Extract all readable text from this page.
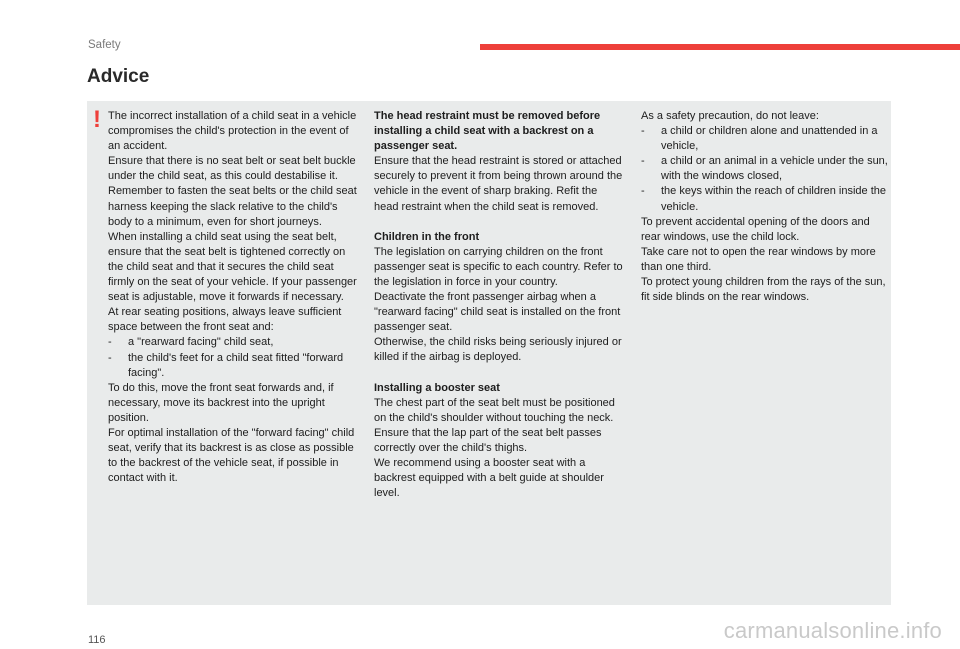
Safety
Advice
! The incorrect installation of a child seat in a vehicle compromises the child's protection in the event of an accident.

Ensure that there is no seat belt or seat belt buckle under the child seat, as this could destabilise it.

Remember to fasten the seat belts or the child seat harness keeping the slack relative to the child's body to a minimum, even for short journeys.

When installing a child seat using the seat belt, ensure that the seat belt is tightened correctly on the child seat and that it secures the child seat firmly on the seat of your vehicle. If your passenger seat is adjustable, move it forwards if necessary.

At rear seating positions, always leave sufficient space between the front seat and:

- a "rearward facing" child seat,
- the child's feet for a child seat fitted "forward facing".

To do this, move the front seat forwards and, if necessary, move its backrest into the upright position.

For optimal installation of the "forward facing" child seat, verify that its backrest is as close as possible to the backrest of the vehicle seat, if possible in contact with it.

The head restraint must be removed before installing a child seat with a backrest on a passenger seat.

Ensure that the head restraint is stored or attached securely to prevent it from being thrown around the vehicle in the event of sharp braking. Refit the head restraint when the child seat is removed.

Children in the front

The legislation on carrying children on the front passenger seat is specific to each country. Refer to the legislation in force in your country.

Deactivate the front passenger airbag when a "rearward facing" child seat is installed on the front passenger seat.

Otherwise, the child risks being seriously injured or killed if the airbag is deployed.

Installing a booster seat

The chest part of the seat belt must be positioned on the child's shoulder without touching the neck.

Ensure that the lap part of the seat belt passes correctly over the child's thighs.

We recommend using a booster seat with a backrest equipped with a belt guide at shoulder level.

As a safety precaution, do not leave:

- a child or children alone and unattended in a vehicle,
- a child or an animal in a vehicle under the sun, with the windows closed,
- the keys within the reach of children inside the vehicle.

To prevent accidental opening of the doors and rear windows, use the child lock.

Take care not to open the rear windows by more than one third.

To protect young children from the rays of the sun, fit side blinds on the rear windows.

116	carmanualsonline.info
